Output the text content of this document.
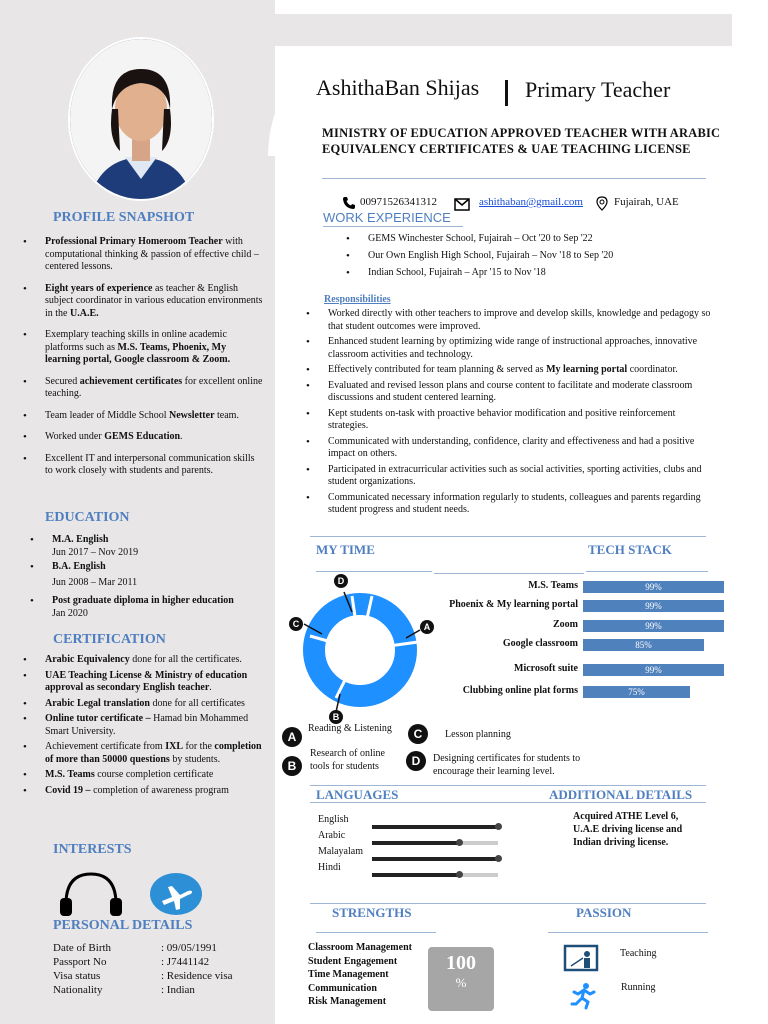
PROFILE SNAPSHOT
• Professional Primary Homeroom Teacher with computational thinking & passion of effective child – centered lessons.
• Eight years of experience as teacher & English subject coordinator in various education environments in the U.A.E.
• Exemplary teaching skills in online academic platforms such as M.S. Teams, Phoenix, My learning portal, Google classroom & Zoom.
• Secured achievement certificates for excellent online teaching.
• Team leader of Middle School Newsletter team.
• Worked under GEMS Education.
• Excellent IT and interpersonal communication skills to work closely with students and parents.
EDUCATION
• M.A. English
Jun 2017 – Nov 2019
• B.A. English
Jun 2008 – Mar 2011
• Post graduate diploma in higher education
Jan 2020
CERTIFICATION
• Arabic Equivalency done for all the certificates.
• UAE Teaching License & Ministry of education approval as secondary English teacher.
• Arabic Legal translation done for all certificates
• Online tutor certificate – Hamad bin Mohammed Smart University.
• Achievement certificate from IXL for the completion of more than 50000 questions by students.
• M.S. Teams course completion certificate
• Covid 19 – completion of awareness program
INTERESTS
PERSONAL DETAILS
Date of Birth	: 09/05/1991
Passport No	: J7441142
Visa status	: Residence visa
Nationality	: Indian
AshithaBan Shijas Primary Teacher
MINISTRY OF EDUCATION APPROVED TEACHER WITH ARABIC EQUIVALENCY CERTIFICATES & UAE TEACHING LICENSE
00971526341312	ashithaban@gmail.com	Fujairah, UAE
WORK EXPERIENCE
• GEMS Winchester School, Fujairah – Oct '20 to Sep '22
• Our Own English High School, Fujairah – Nov '18 to Sep '20
• Indian School, Fujairah – Apr '15 to Nov '18
Responsibilities
• Worked directly with other teachers to improve and develop skills, knowledge and pedagogy so that student outcomes were improved.
• Enhanced student learning by optimizing wide range of instructional approaches, innovative classroom activities and technology.
• Effectively contributed for team planning & served as My learning portal coordinator.
• Evaluated and revised lesson plans and course content to facilitate and moderate classroom discussions and student centered learning.
• Kept students on-task with proactive behavior modification and positive reinforcement strategies.
• Communicated with understanding, confidence, clarity and effectiveness and had a positive impact on others.
• Participated in extracurricular activities such as social activities, sporting activities, clubs and student organizations.
• Communicated necessary information regularly to students, colleagues and parents regarding student progress and student needs.
MY TIME
D
A
C
B
A
Reading & Listening
B
Research of online tools for students
C	Lesson planning
D	Designing certificates for students to encourage their learning level.
TECH STACK
M.S. Teams	99%
Phoenix & My learning portal	99%
Zoom	99%
Google classroom	85%
Microsoft suite	99%
Clubbing online plat forms	75%
LANGUAGES
English
Arabic
Malayalam
Hindi
ADDITIONAL DETAILS
Acquired ATHE Level 6, U.A.E driving license and Indian driving license.
STRENGTHS
Classroom Management
Student Engagement
Time Management
Communication
Risk Management
100
%
PASSION
Teaching
Running
